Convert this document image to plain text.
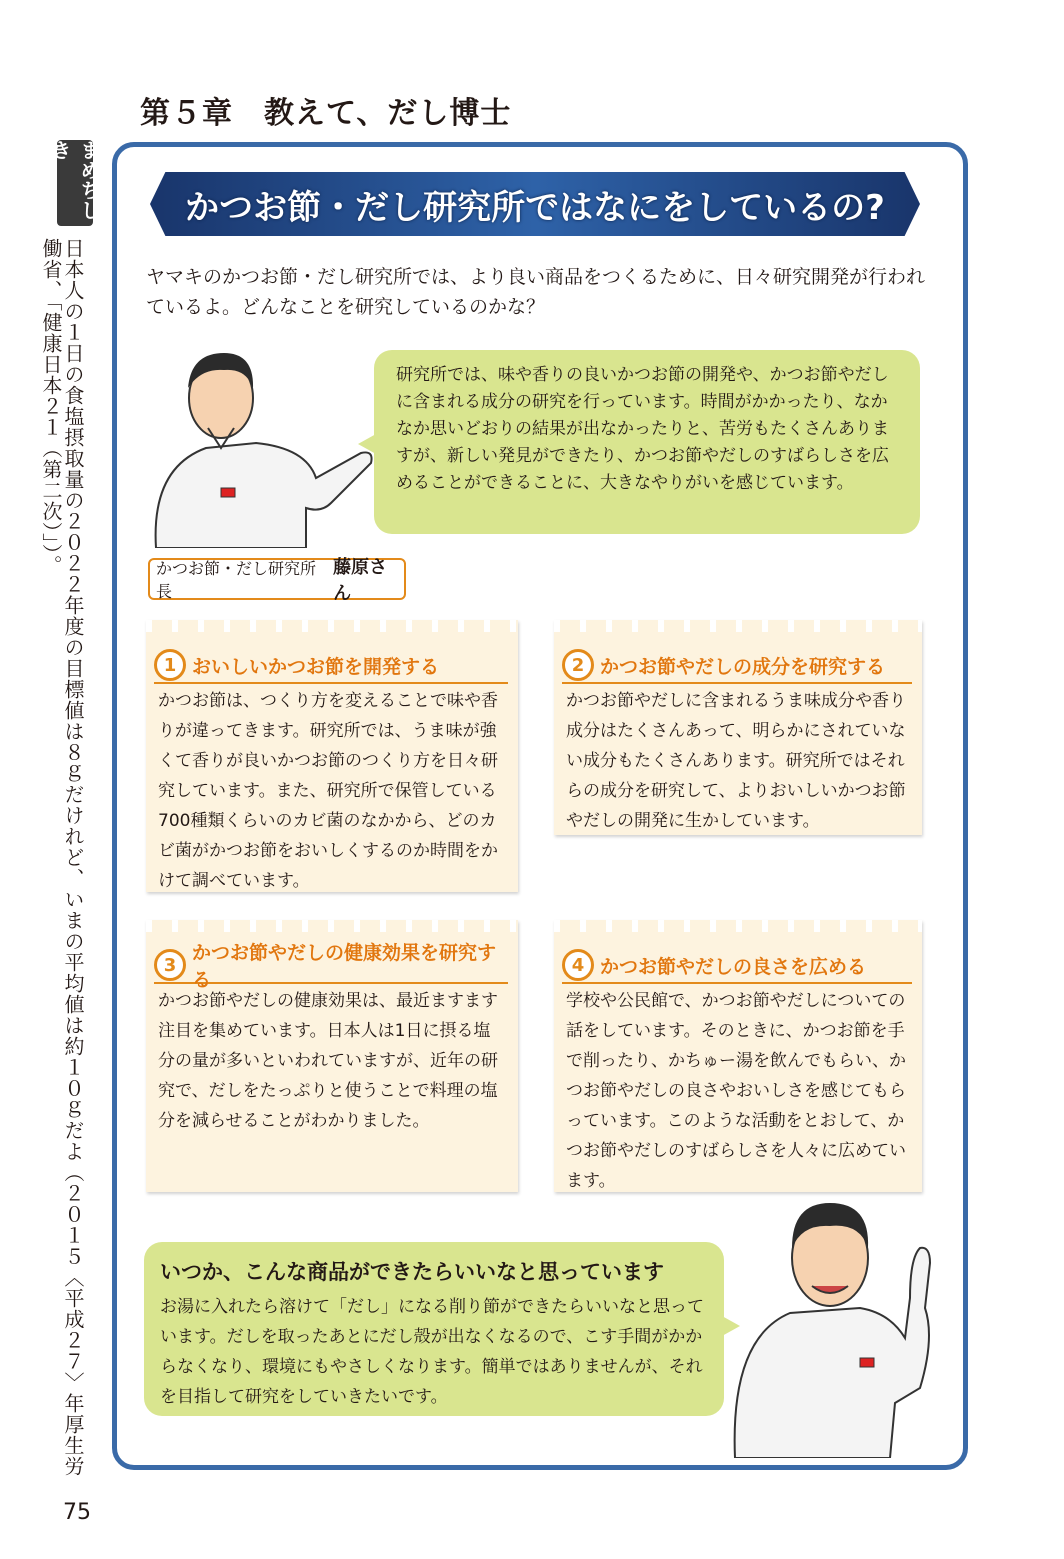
第５章　教えて、だし博士
まめちしき
日本人の１日の食塩摂取量の２０２２年度の目標値は８ｇだけれど、いまの平均値は約１０ｇだよ（２０１５〈平成２７〉年厚生労働省、「健康日本２１（第二次）」）。
75
かつお節・だし研究所ではなにをしているの?
ヤマキのかつお節・だし研究所では、より良い商品をつくるために、日々研究開発が行われているよ。どんなことを研究しているのかな？
研究所では、味や香りの良いかつお節の開発や、かつお節やだしに含まれる成分の研究を行っています。時間がかかったり、なかなか思いどおりの結果が出なかったりと、苦労もたくさんありますが、新しい発見ができたり、かつお節やだしのすばらしさを広めることができることに、大きなやりがいを感じています。
かつお節・だし研究所長
藤原さん
1 おいしいかつお節を開発する
かつお節は、つくり方を変えることで味や香りが違ってきます。研究所では、うま味が強くて香りが良いかつお節のつくり方を日々研究しています。また、研究所で保管している700種類くらいのカビ菌のなかから、どのカビ菌がかつお節をおいしくするのか時間をかけて調べています。
2 かつお節やだしの成分を研究する
かつお節やだしに含まれるうま味成分や香り成分はたくさんあって、明らかにされていない成分もたくさんあります。研究所ではそれらの成分を研究して、よりおいしいかつお節やだしの開発に生かしています。
3
かつお節やだしの健康効果を研究する
かつお節やだしの健康効果は、最近ますます注目を集めています。日本人は1日に摂る塩分の量が多いといわれていますが、近年の研究で、だしをたっぷりと使うことで料理の塩分を減らせることがわかりました。
4 かつお節やだしの良さを広める
学校や公民館で、かつお節やだしについての話をしています。そのときに、かつお節を手で削ったり、かちゅー湯を飲んでもらい、かつお節やだしの良さやおいしさを感じてもらっています。このような活動をとおして、かつお節やだしのすばらしさを人々に広めています。
いつか、こんな商品ができたらいいなと思っています
お湯に入れたら溶けて「だし」になる削り節ができたらいいなと思っています。だしを取ったあとにだし殻が出なくなるので、こす手間がかからなくなり、環境にもやさしくなります。簡単ではありませんが、それを目指して研究をしていきたいです。
